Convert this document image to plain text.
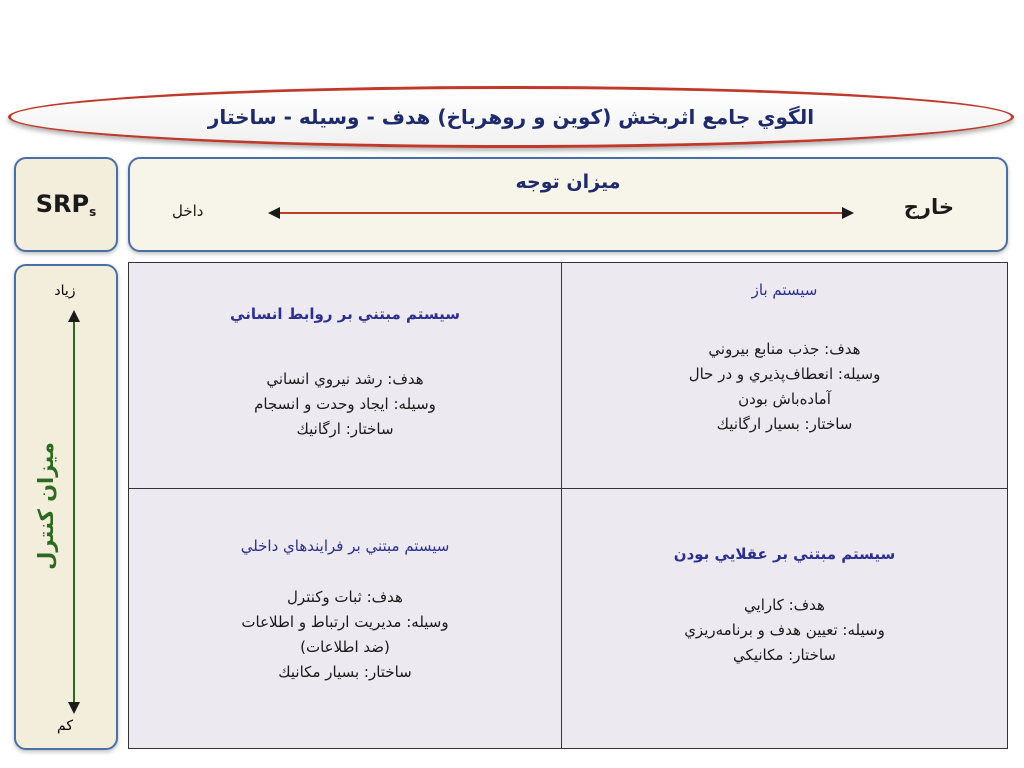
الگوي جامع اثربخش (کوين و روهرباخ) هدف - وسيله - ساختار
$SRP_s$
ميزان توجه
خارج
داخل
زياد
کم
ميزان کنترل
سيستم مبتني بر روابط انساني
هدف: رشد نيروي انساني
وسيله: ايجاد وحدت و انسجام
ساختار: ارگانيك
سيستم باز
هدف: جذب منابع بيروني
وسيله: انعطاف‌پذيري و در حال
آماده‌باش بودن
ساختار: بسيار ارگانيك
سيستم مبتني بر فرايندهاي داخلي
هدف: ثبات وکنترل
وسيله: مديريت ارتباط و اطلاعات
(ضد اطلاعات)
ساختار: بسيار مکانيك
سيستم مبتني بر عقلايي بودن
هدف: کارايي
وسيله: تعيين هدف و برنامه‌ريزي
ساختار: مکانيکي
